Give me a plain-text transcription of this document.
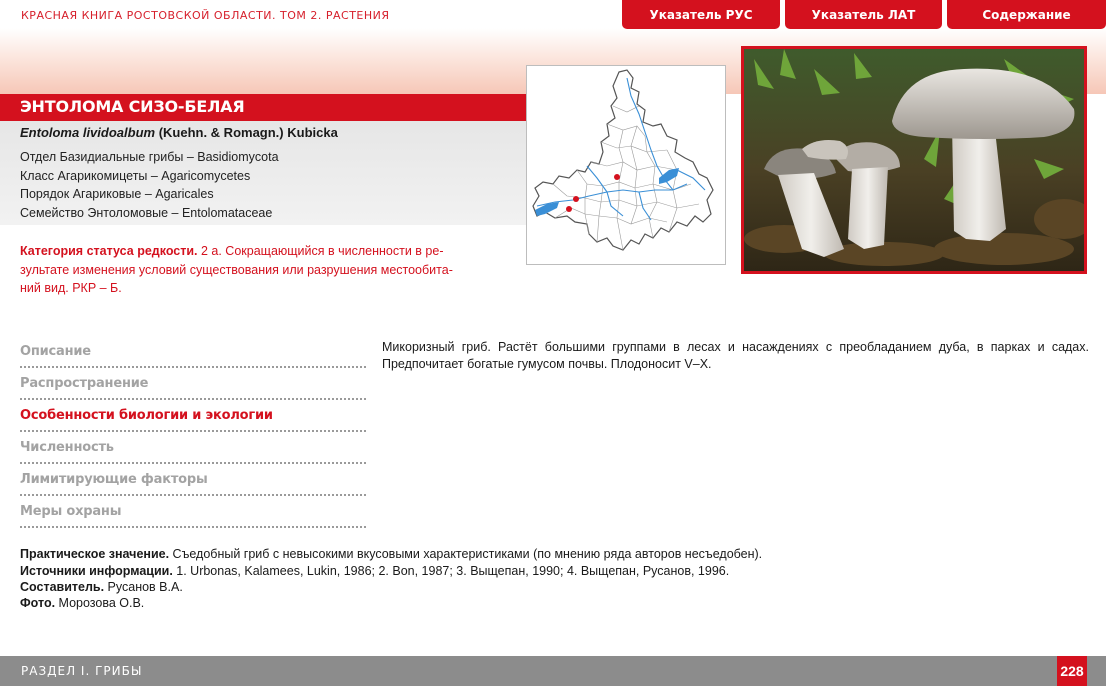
КРАСНАЯ КНИГА РОСТОВСКОЙ ОБЛАСТИ. ТОМ 2. РАСТЕНИЯ	Указатель РУС	Указатель ЛАТ	Содержание
ЭНТОЛОМА СИЗО-БЕЛАЯ
Entoloma lividoalbum (Kuehn. & Romagn.) Kubicka
Отдел Базидиальные грибы – Basidiomycota
Класс Агарикомицеты – Agaricomycetes
Порядок Агариковые – Agaricales
Семейство Энтоломовые – Entolomataceae
Категория статуса редкости. 2 а. Сокращающийся в численности в ре-
зультате изменения условий существования или разрушения местообита-
ний вид. РКР – Б.
Описание
Распространение
Особенности биологии и экологии
Численность
Лимитирующие факторы
Меры охраны
Микоризный гриб. Растёт большими группами в лесах и насаждениях с преобладанием дуба, в парках и садах. Предпочитает богатые гумусом почвы. Плодоносит V–X.
Практическое значение. Съедобный гриб с невысокими вкусовыми характеристиками (по мнению ряда авторов несъедобен).
Источники информации. 1. Urbonas, Kalamees, Lukin, 1986; 2. Bon, 1987; 3. Выщепан, 1990; 4. Выщепан, Русанов, 1996.
Составитель. Русанов В.А.
Фото. Морозова О.В.
РАЗДЕЛ I. ГРИБЫ	228
